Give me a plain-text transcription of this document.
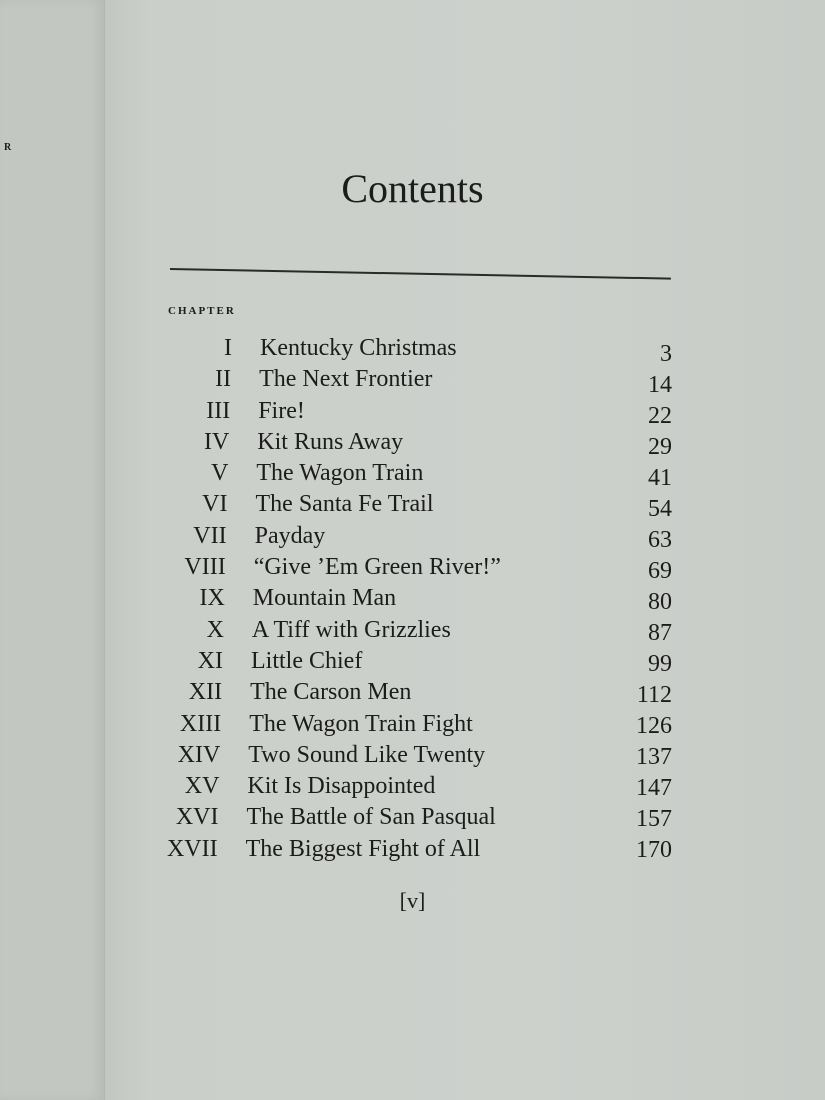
R
Contents
CHAPTER
I Kentucky Christmas	3
II The Next Frontier	14
III Fire!	22
IV Kit Runs Away	29
V The Wagon Train	41
VI The Santa Fe Trail	54
VII Payday	63
VIII “Give ’Em Green River!”	69
IX Mountain Man	80
X A Tiff with Grizzlies	87
XI Little Chief	99
XII The Carson Men	112
XIII The Wagon Train Fight	126
XIV Two Sound Like Twenty	137
XV Kit Is Disappointed	147
XVI The Battle of San Pasqual	157
XVII The Biggest Fight of All	170
[v]
